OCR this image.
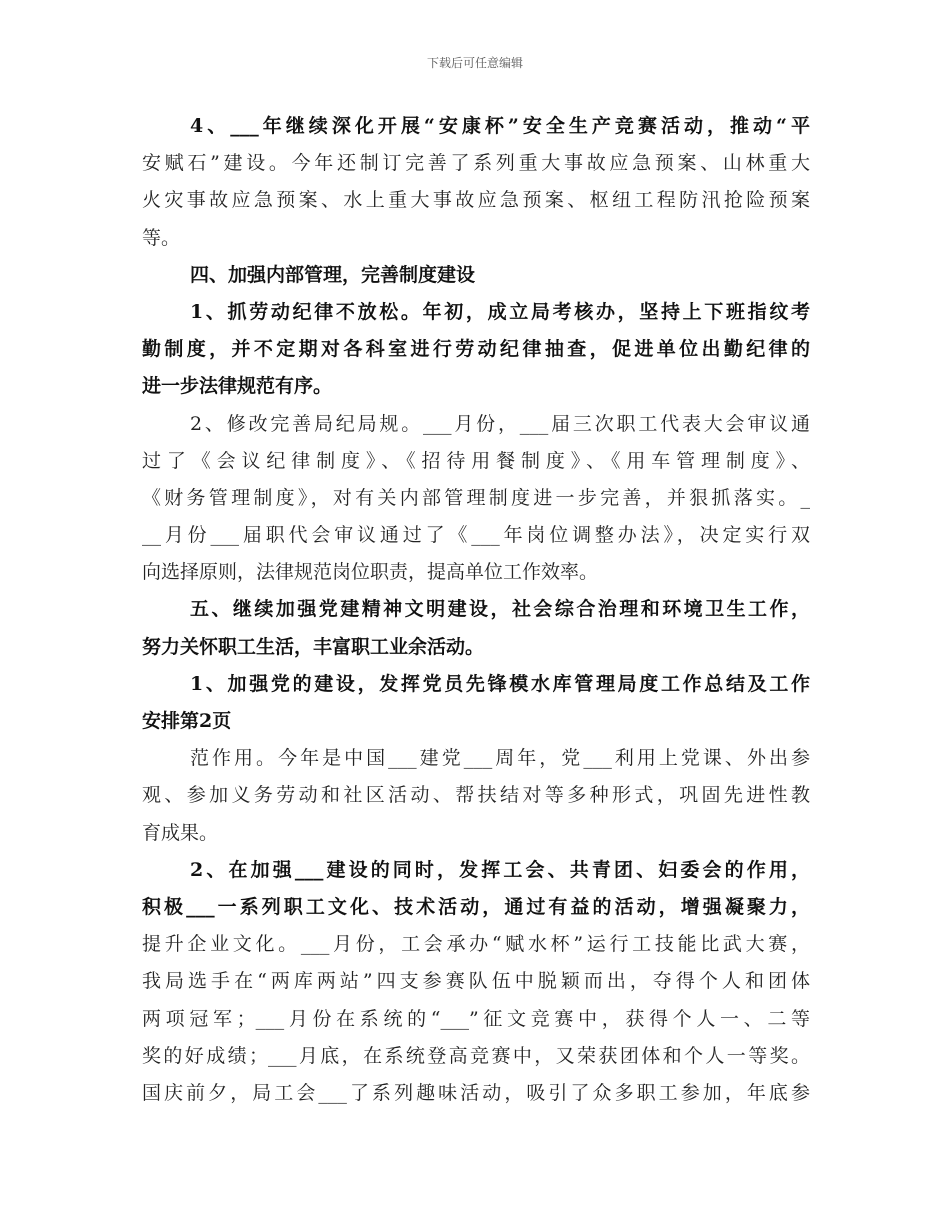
下载后可任意编辑
4、___年继续深化开展“安康杯”安全生产竞赛活动，推动“平
安赋石”建设。今年还制订完善了系列重大事故应急预案、山林重大
火灾事故应急预案、水上重大事故应急预案、枢纽工程防汛抢险预案
等。
四、加强内部管理，完善制度建设
1、抓劳动纪律不放松。年初，成立局考核办，坚持上下班指纹考
勤制度，并不定期对各科室进行劳动纪律抽查，促进单位出勤纪律的
进一步法律规范有序。
2、修改完善局纪局规。___月份，___届三次职工代表大会审议通
过了《会议纪律制度》、《招待用餐制度》、《用车管理制度》、
《财务管理制度》，对有关内部管理制度进一步完善，并狠抓落实。_
__月份___届职代会审议通过了《___年岗位调整办法》，决定实行双
向选择原则，法律规范岗位职责，提高单位工作效率。
五、继续加强党建精神文明建设，社会综合治理和环境卫生工作，
努力关怀职工生活，丰富职工业余活动。
1、加强党的建设，发挥党员先锋模水库管理局度工作总结及工作
安排第2页
范作用。今年是中国___建党___周年，党___利用上党课、外出参
观、参加义务劳动和社区活动、帮扶结对等多种形式，巩固先进性教
育成果。
2、在加强___建设的同时，发挥工会、共青团、妇委会的作用，
积极___一系列职工文化、技术活动，通过有益的活动，增强凝聚力，
提升企业文化。___月份，工会承办“赋水杯”运行工技能比武大赛，
我局选手在“两库两站”四支参赛队伍中脱颖而出，夺得个人和团体
两项冠军；___月份在系统的“___”征文竞赛中，获得个人一、二等
奖的好成绩；___月底，在系统登高竞赛中，又荣获团体和个人一等奖。
国庆前夕，局工会___了系列趣味活动，吸引了众多职工参加，年底参
